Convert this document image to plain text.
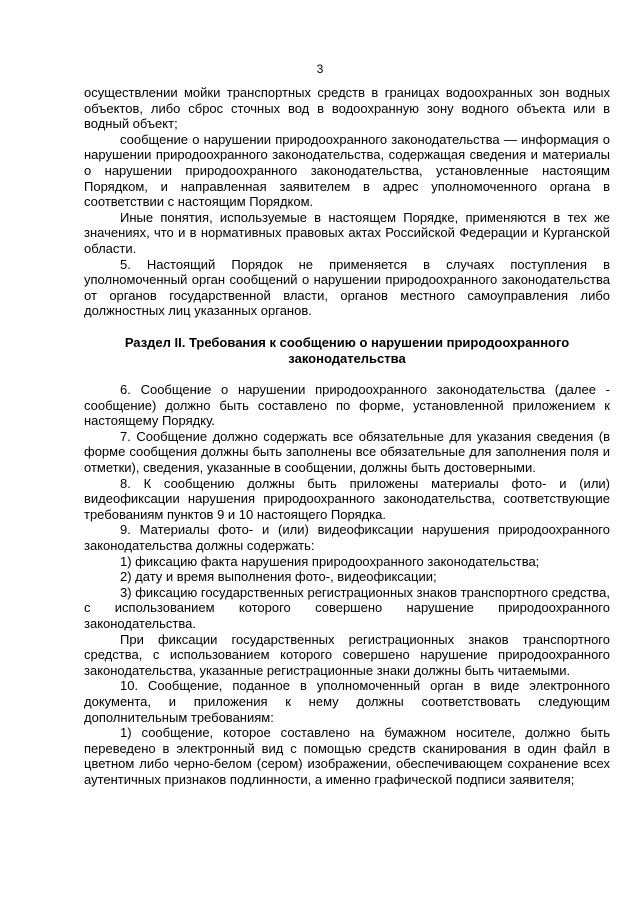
3

осуществлении мойки транспортных средств в границах водоохранных зон водных объектов, либо сброс сточных вод в водоохранную зону водного объекта или в водный объект;

сообщение о нарушении природоохранного законодательства — информация о нарушении природоохранного законодательства, содержащая сведения и материалы о нарушении природоохранного законодательства, установленные настоящим Порядком, и направленная заявителем в адрес уполномоченного органа в соответствии с настоящим Порядком.

Иные понятия, используемые в настоящем Порядке, применяются в тех же значениях, что и в нормативных правовых актах Российской Федерации и Курганской области.

5. Настоящий Порядок не применяется в случаях поступления в уполномоченный орган сообщений о нарушении природоохранного законодательства от органов государственной власти, органов местного самоуправления либо должностных лиц указанных органов.

Раздел II. Требования к сообщению о нарушении природоохранного законодательства

6. Сообщение о нарушении природоохранного законодательства (далее - сообщение) должно быть составлено по форме, установленной приложением к настоящему Порядку.

7. Сообщение должно содержать все обязательные для указания сведения (в форме сообщения должны быть заполнены все обязательные для заполнения поля и отметки), сведения, указанные в сообщении, должны быть достоверными.

8. К сообщению должны быть приложены материалы фото- и (или) видеофиксации нарушения природоохранного законодательства, соответствующие требованиям пунктов 9 и 10 настоящего Порядка.

9. Материалы фото- и (или) видеофиксации нарушения природоохранного законодательства должны содержать:

1) фиксацию факта нарушения природоохранного законодательства;

2) дату и время выполнения фото-, видеофиксации;

3) фиксацию государственных регистрационных знаков транспортного средства, с использованием которого совершено нарушение природоохранного законодательства.

При фиксации государственных регистрационных знаков транспортного средства, с использованием которого совершено нарушение природоохранного законодательства, указанные регистрационные знаки должны быть читаемыми.

10. Сообщение, поданное в уполномоченный орган в виде электронного документа, и приложения к нему должны соответствовать следующим дополнительным требованиям:

1) сообщение, которое составлено на бумажном носителе, должно быть переведено в электронный вид с помощью средств сканирования в один файл в цветном либо черно-белом (сером) изображении, обеспечивающем сохранение всех аутентичных признаков подлинности, а именно графической подписи заявителя;
